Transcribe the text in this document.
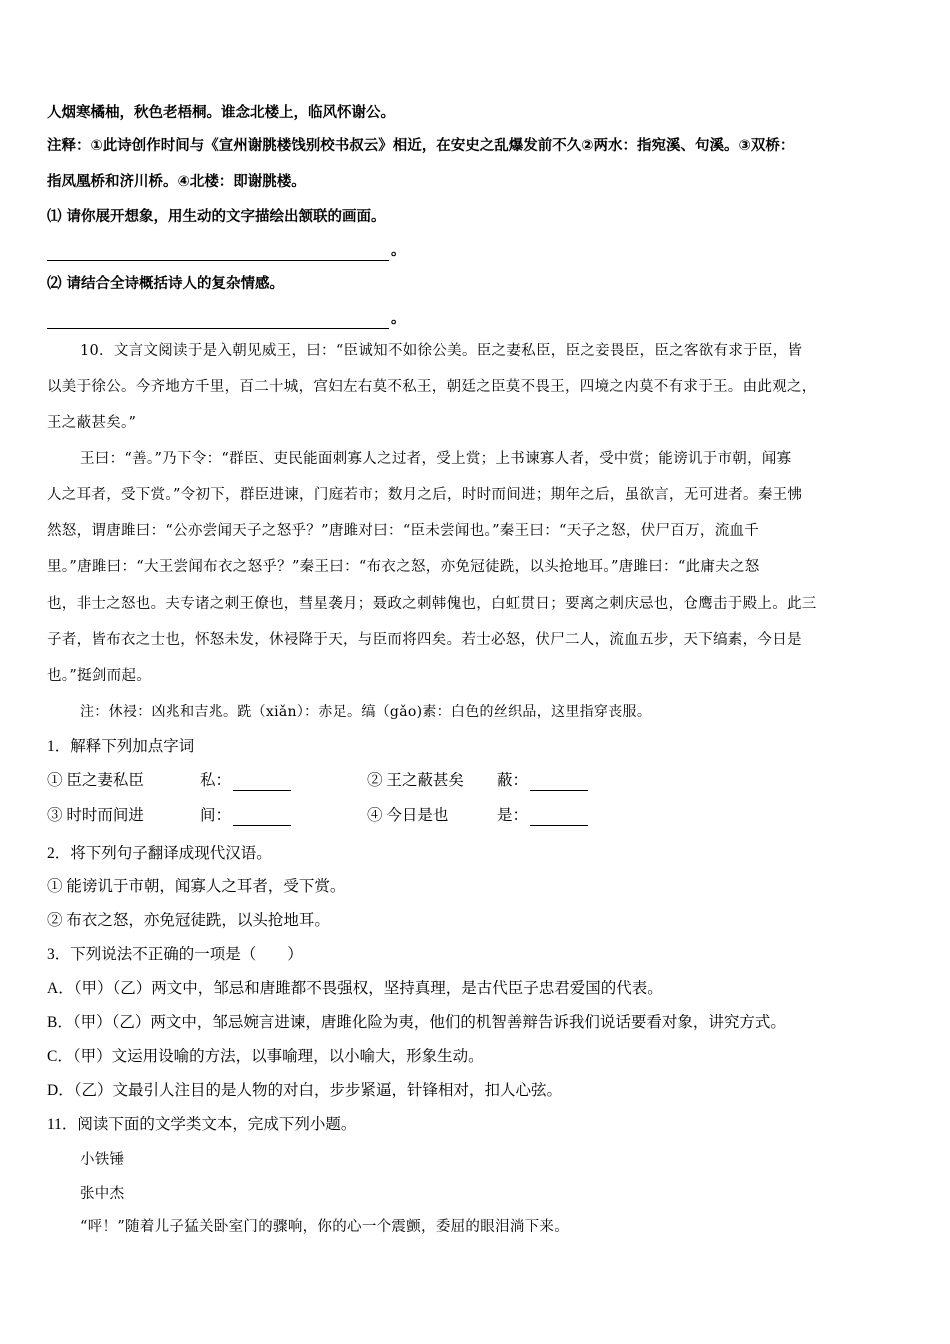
人烟寒橘柚，秋色老梧桐。谁念北楼上，临风怀谢公。
注释：①此诗创作时间与《宣州谢朓楼饯别校书叔云》相近，在安史之乱爆发前不久②两水：指宛溪、句溪。③双桥：
指凤凰桥和济川桥。④北楼：即谢朓楼。
⑴ 请你展开想象，用生动的文字描绘出颔联的画面。
。
⑵ 请结合全诗概括诗人的复杂情感。
。
10．文言文阅读于是入朝见威王，曰：“臣诚知不如徐公美。臣之妻私臣，臣之妾畏臣，臣之客欲有求于臣，皆
以美于徐公。今齐地方千里，百二十城，宫妇左右莫不私王，朝廷之臣莫不畏王，四境之内莫不有求于王。由此观之，
王之蔽甚矣。”
王曰：“善。”乃下令：“群臣、吏民能面刺寡人之过者，受上赏；上书谏寡人者，受中赏；能谤讥于市朝，闻寡
人之耳者，受下赏。”令初下，群臣进谏，门庭若市；数月之后，时时而间进；期年之后，虽欲言，无可进者。秦王怫
然怒，谓唐雎曰：“公亦尝闻天子之怒乎？”唐雎对曰：“臣未尝闻也。”秦王曰：“天子之怒，伏尸百万，流血千
里。”唐雎曰：“大王尝闻布衣之怒乎？”秦王曰：“布衣之怒，亦免冠徒跣，以头抢地耳。”唐雎曰：“此庸夫之怒
也，非士之怒也。夫专诸之刺王僚也，彗星袭月；聂政之刺韩傀也，白虹贯日；要离之刺庆忌也，仓鹰击于殿上。此三
子者，皆布衣之士也，怀怒未发，休祲降于天，与臣而将四矣。若士必怒，伏尸二人，流血五步，天下缟素，今日是
也。”挺剑而起。
注：休祲：凶兆和吉兆。跣（xiǎn）：赤足。缟（gǎo)素：白色的丝织品，这里指穿丧服。
1．解释下列加点字词
① 臣之妻私臣	私：	② 王之蔽甚矣 蔽：
③ 时时而间进	间：	④ 今日是也	是：
2．将下列句子翻译成现代汉语。
① 能谤讥于市朝，闻寡人之耳者，受下赏。
② 布衣之怒，亦免冠徒跣，以头抢地耳。
3．下列说法不正确的一项是（　　）
A．（甲）（乙）两文中，邹忌和唐雎都不畏强权，坚持真理，是古代臣子忠君爱国的代表。
B．（甲）（乙）两文中，邹忌婉言进谏，唐雎化险为夷，他们的机智善辩告诉我们说话要看对象，讲究方式。
C．（甲）文运用设喻的方法，以事喻理，以小喻大，形象生动。
D．（乙）文最引人注目的是人物的对白，步步紧逼，针锋相对，扣人心弦。
11．阅读下面的文学类文本，完成下列小题。
小铁锤
张中杰
“呯！”随着儿子猛关卧室门的骤响，你的心一个震颤，委屈的眼泪淌下来。
